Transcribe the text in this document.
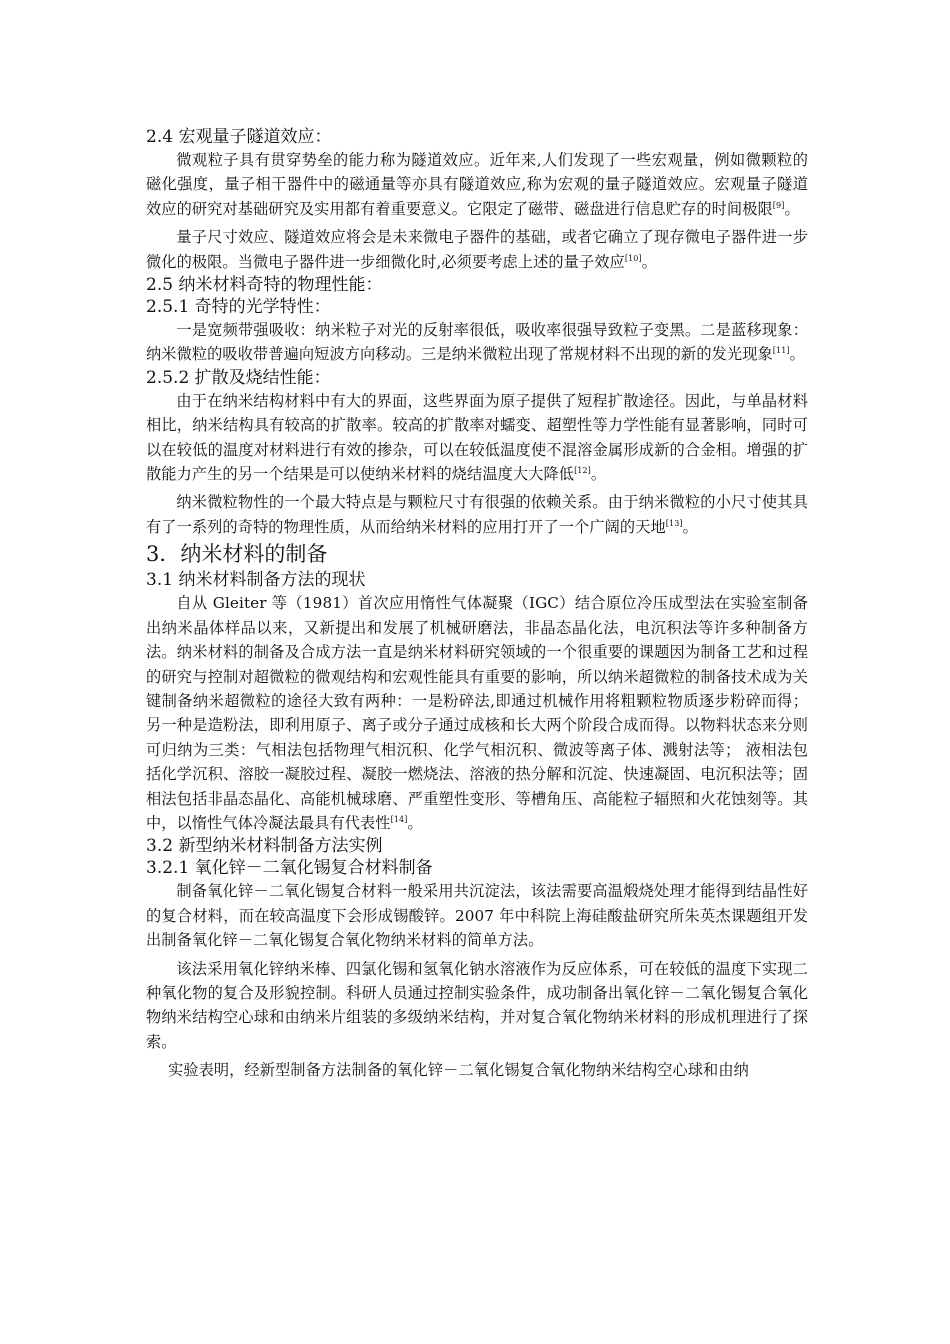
2.4 宏观量子隧道效应：

微观粒子具有贯穿势垒的能力称为隧道效应。近年来,人们发现了一些宏观量，例如微颗粒的磁化强度，量子相干器件中的磁通量等亦具有隧道效应,称为宏观的量子隧道效应。宏观量子隧道效应的研究对基础研究及实用都有着重要意义。它限定了磁带、磁盘进行信息贮存的时间极限[9]。

量子尺寸效应、隧道效应将会是未来微电子器件的基础，或者它确立了现存微电子器件进一步微化的极限。当微电子器件进一步细微化时,必须要考虑上述的量子效应[10]。

2.5 纳米材料奇特的物理性能：

2.5.1 奇特的光学特性：

一是宽频带强吸收：纳米粒子对光的反射率很低，吸收率很强导致粒子变黑。二是蓝移现象：纳米微粒的吸收带普遍向短波方向移动。三是纳米微粒出现了常规材料不出现的新的发光现象[11]。

2.5.2 扩散及烧结性能：

由于在纳米结构材料中有大的界面，这些界面为原子提供了短程扩散途径。因此，与单晶材料相比，纳米结构具有较高的扩散率。较高的扩散率对蠕变、超塑性等力学性能有显著影响，同时可以在较低的温度对材料进行有效的掺杂，可以在较低温度使不混溶金属形成新的合金相。增强的扩散能力产生的另一个结果是可以使纳米材料的烧结温度大大降低[12]。

纳米微粒物性的一个最大特点是与颗粒尺寸有很强的依赖关系。由于纳米微粒的小尺寸使其具有了一系列的奇特的物理性质，从而给纳米材料的应用打开了一个广阔的天地[13]。

3．纳米材料的制备

3.1 纳米材料制备方法的现状

自从 Gleiter 等（1981）首次应用惰性气体凝聚（IGC）结合原位冷压成型法在实验室制备出纳米晶体样品以来，又新提出和发展了机械研磨法，非晶态晶化法，电沉积法等许多种制备方法。纳米材料的制备及合成方法一直是纳米材料研究领域的一个很重要的课题因为制备工艺和过程的研究与控制对超微粒的微观结构和宏观性能具有重要的影响，所以纳米超微粒的制备技术成为关键制备纳米超微粒的途径大致有两种：一是粉碎法,即通过机械作用将粗颗粒物质逐步粉碎而得；另一种是造粉法，即利用原子、离子或分子通过成核和长大两个阶段合成而得。以物料状态来分则可归纳为三类：气相法包括物理气相沉积、化学气相沉积、微波等离子体、溅射法等； 液相法包括化学沉积、溶胶一凝胶过程、凝胶一燃烧法、溶液的热分解和沉淀、快速凝固、电沉积法等；固相法包括非晶态晶化、高能机械球磨、严重塑性变形、等槽角压、高能粒子辐照和火花蚀刻等。其中，以惰性气体冷凝法最具有代表性[14]。

3.2 新型纳米材料制备方法实例

3.2.1 氧化锌－二氧化锡复合材料制备

制备氧化锌－二氧化锡复合材料一般采用共沉淀法，该法需要高温煅烧处理才能得到结晶性好的复合材料，而在较高温度下会形成锡酸锌。2007 年中科院上海硅酸盐研究所朱英杰课题组开发出制备氧化锌－二氧化锡复合氧化物纳米材料的简单方法。

该法采用氧化锌纳米棒、四氯化锡和氢氧化钠水溶液作为反应体系，可在较低的温度下实现二种氧化物的复合及形貌控制。科研人员通过控制实验条件，成功制备出氧化锌－二氧化锡复合氧化物纳米结构空心球和由纳米片组装的多级纳米结构，并对复合氧化物纳米材料的形成机理进行了探索。

实验表明，经新型制备方法制备的氧化锌－二氧化锡复合氧化物纳米结构空心球和由纳
